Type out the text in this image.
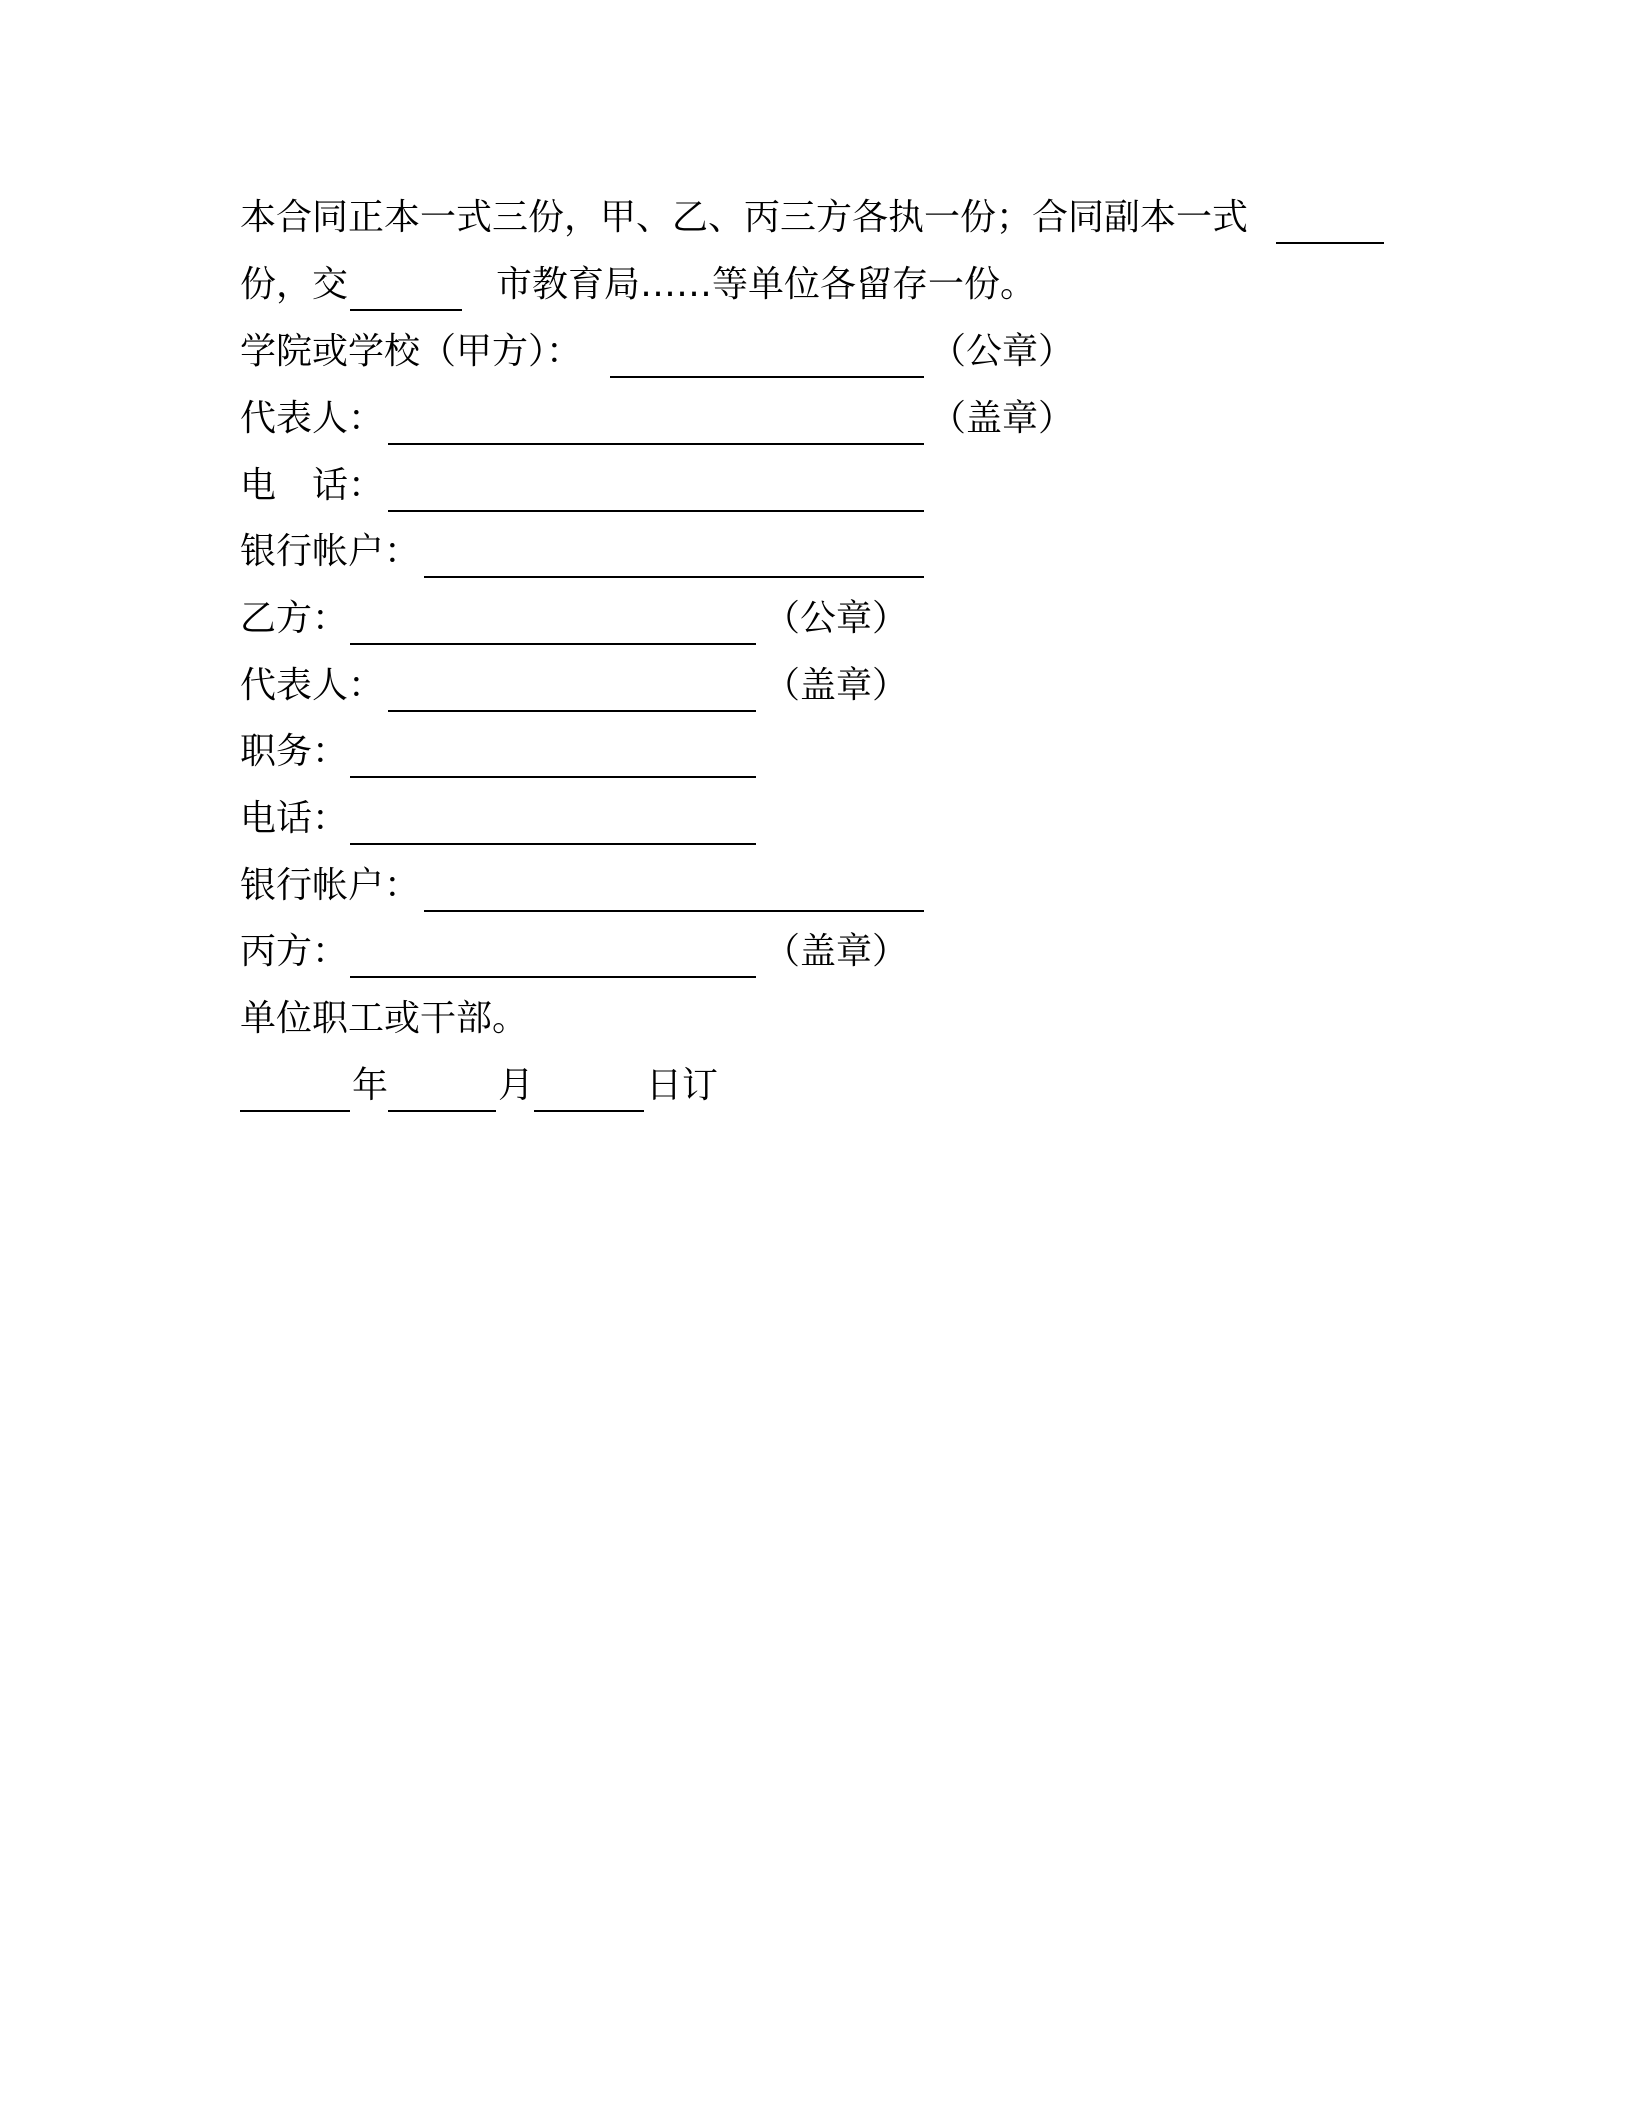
本合同正本一式三份，甲、乙、丙三方各执一份；合同副本一式
份，交	市教育局……等单位各留存一份。
学院或学校（甲方）：	（公章）
代表人：	（盖章）
电　话：
银行帐户：
乙方：	（公章）
代表人：	（盖章）
职务：
电话：
银行帐户：
丙方：	（盖章）
单位职工或干部。
年	月	日订
